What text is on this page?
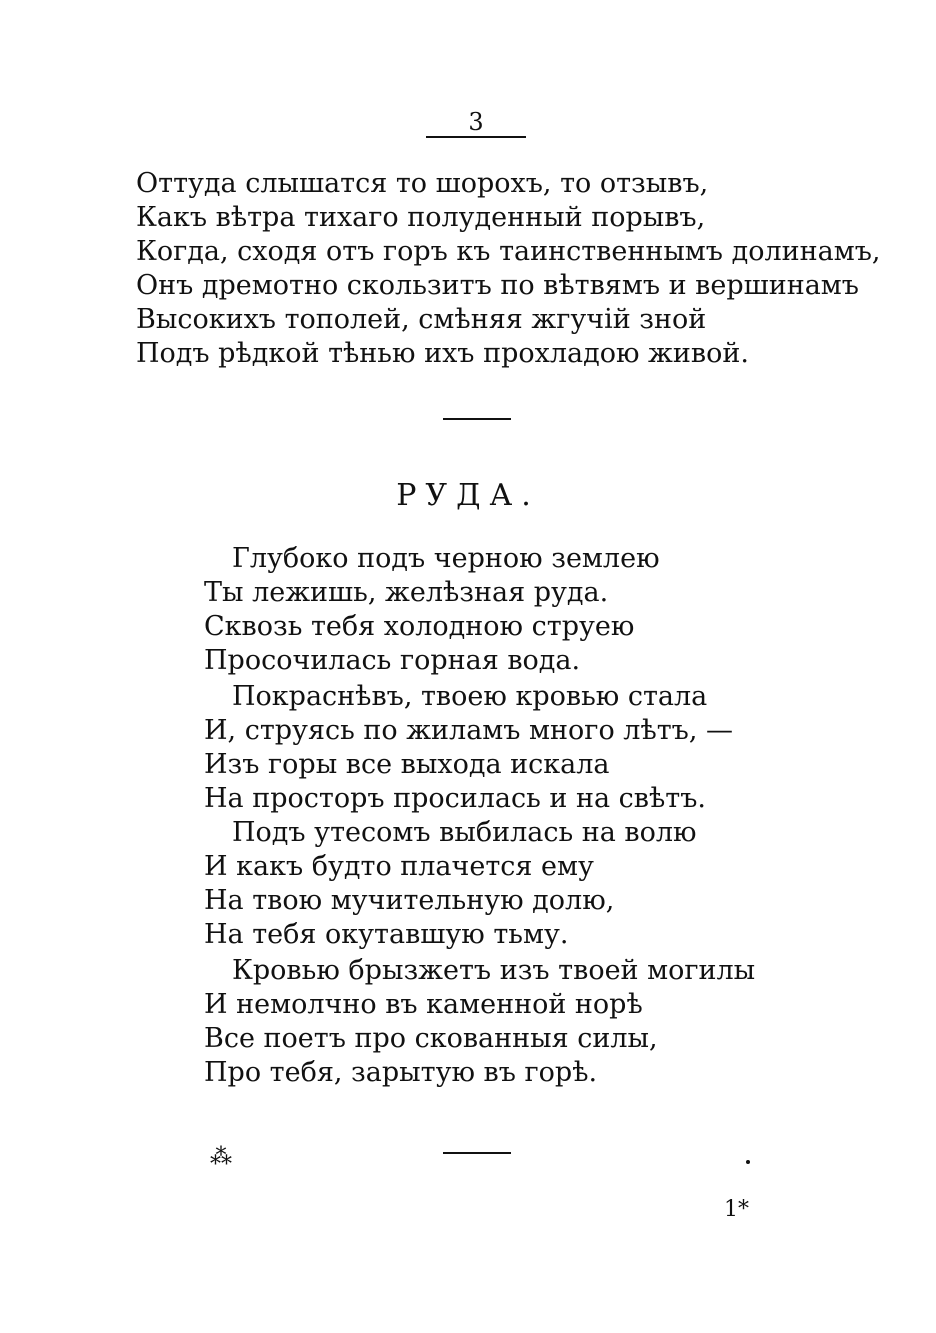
3
Оттуда слышатся то шорохъ, то отзывъ,
Какъ вѣтра тихаго полуденный порывъ,
Когда, сходя отъ горъ къ таинственнымъ долинамъ,
Онъ дремотно скользитъ по вѣтвямъ и вершинамъ
Высокихъ тополей, смѣняя жгучій зной
Подъ рѣдкой тѣнью ихъ прохладою живой.
РУДА.
Глубоко подъ черною землею
Ты лежишь, желѣзная руда.
Сквозь тебя холодною струею
Просочилась горная вода.
Покраснѣвъ, твоею кровью стала
И, струясь по жиламъ много лѣтъ, —
Изъ горы все выхода искала
На просторъ просилась и на свѣтъ.
Подъ утесомъ выбилась на волю
И какъ будто плачется ему
На твою мучительную долю,
На тебя окутавшую тьму.
Кровью брызжетъ изъ твоей могилы
И немолчно въ каменной норѣ
Все поетъ про скованныя силы,
Про тебя, зарытую въ горѣ.
⁂
1*
